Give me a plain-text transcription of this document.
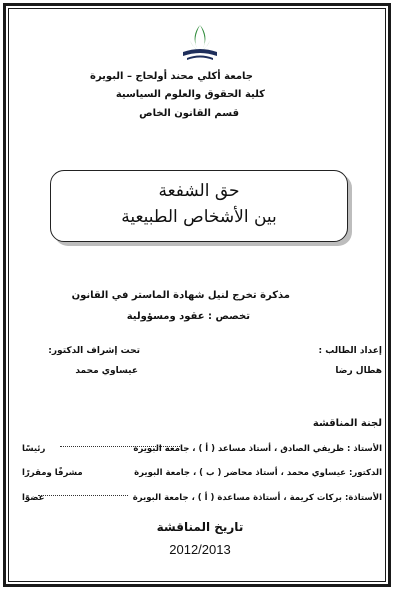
جامعة أكلي محند أولحاج – البويرة
كلية الحقوق والعلوم السياسية
قسم القانون الخاص
حق الشفعة
بين الأشخاص الطبيعية
مذكرة تخرج لنيل شهادة الماستر في القانون
تخصص : عقود ومسؤولية
إعداد الطالب :
هطال رضا
تحت إشراف الدكتور:
عيساوي محمد
لجنة المناقشة
الأستاذ : ظريفي الصادق ، أستاذ مساعد ( أ ) ، جامعة البويرة
رئيسًا
الدكتور: عيساوي محمد ، أستاذ محاضر ( ب ) ، جامعة البويرة
مشرفًا ومقررًا
الأستاذة: بركات كريمة ، أستاذة مساعدة ( أ ) ، جامعة البويرة
عضوًا
تاريخ المناقشة
2012/2013
